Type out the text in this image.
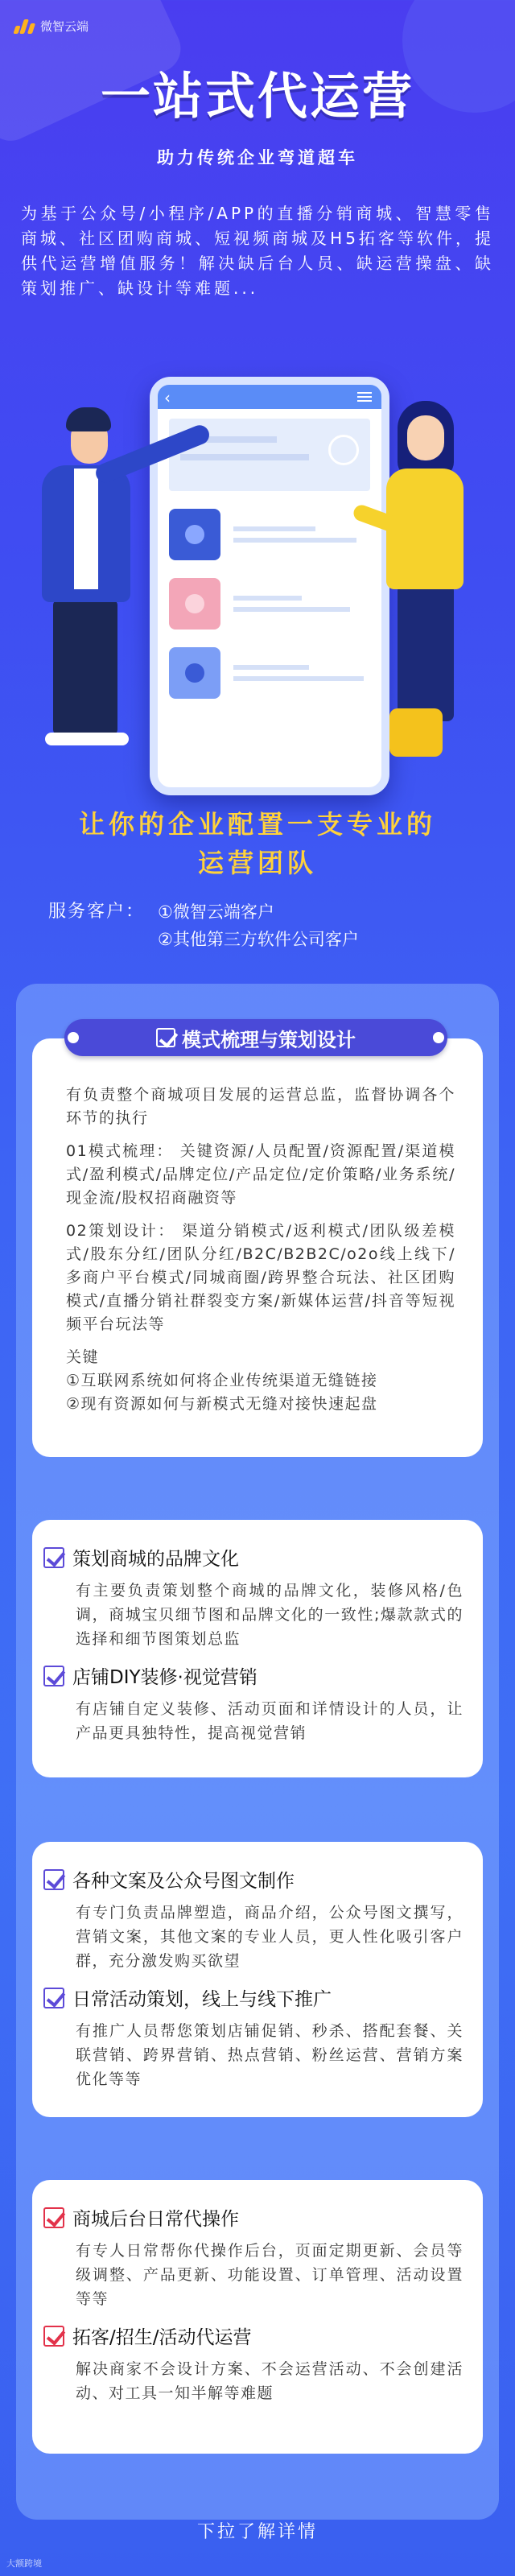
微智云端
一站式代运营
助力传统企业弯道超车
为基于公众号/小程序/APP的直播分销商城、智慧零售商城、社区团购商城、短视频商城及H5拓客等软件，提供代运营增值服务！解决缺后台人员、缺运营操盘、缺策划推广、缺设计等难题...
‹
让你的企业配置一支专业的
运营团队
服务客户： ①微智云端客户
②其他第三方软件公司客户

有负责整个商城项目发展的运营总监，监督协调各个环节的执行

01模式梳理： 关键资源/人员配置/资源配置/渠道模式/盈利模式/品牌定位/产品定位/定价策略/业务系统/现金流/股权招商融资等

02策划设计： 渠道分销模式/返利模式/团队级差模式/股东分红/团队分红/B2C/B2B2C/o2o线上线下/多商户平台模式/同城商圈/跨界整合玩法、社区团购模式/直播分销社群裂变方案/新媒体运营/抖音等短视频平台玩法等

关键

①互联网系统如何将企业传统渠道无缝链接

②现有资源如何与新模式无缝对接快速起盘

模式梳理与策划设计
策划商城的品牌文化
有主要负责策划整个商城的品牌文化，装修风格/色调，商城宝贝细节图和品牌文化的一致性;爆款款式的选择和细节图策划总监
店铺DIY装修·视觉营销
有店铺自定义装修、活动页面和详情设计的人员，让产品更具独特性，提高视觉营销
各种文案及公众号图文制作
有专门负责品牌塑造，商品介绍，公众号图文撰写，营销文案，其他文案的专业人员，更人性化吸引客户群，充分激发购买欲望
日常活动策划，线上与线下推广
有推广人员帮您策划店铺促销、秒杀、搭配套餐、关联营销、跨界营销、热点营销、粉丝运营、营销方案优化等等
商城后台日常代操作
有专人日常帮你代操作后台，页面定期更新、会员等级调整、产品更新、功能设置、订单管理、活动设置等等
拓客/招生/活动代运营
解决商家不会设计方案、不会运营活动、不会创建活动、对工具一知半解等难题
下拉了解详情
大额跨境
